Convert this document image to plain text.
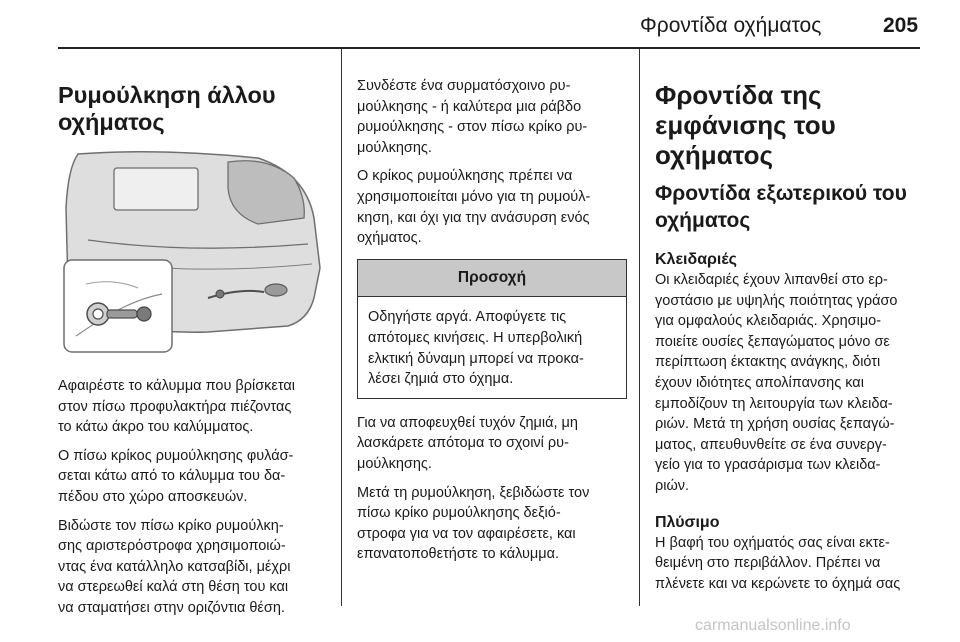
Φροντίδα οχήματος	205
Ρυμούλκηση άλλου
οχήματος

Αφαιρέστε το κάλυμμα που βρίσκεται
στον πίσω προφυλακτήρα πιέζοντας
το κάτω άκρο του καλύμματος.

Ο πίσω κρίκος ρυμούλκησης φυλάσ-
σεται κάτω από το κάλυμμα του δα-
πέδου στο χώρο αποσκευών.

Βιδώστε τον πίσω κρίκο ρυμούλκη-
σης αριστερόστροφα χρησιμοποιώ-
ντας ένα κατάλληλο κατσαβίδι, μέχρι
να στερεωθεί καλά στη θέση του και
να σταματήσει στην οριζόντια θέση.

Συνδέστε ένα συρματόσχοινο ρυ-
μούλκησης - ή καλύτερα μια ράβδο
ρυμούλκησης - στον πίσω κρίκο ρυ-
μούλκησης.

Ο κρίκος ρυμούλκησης πρέπει να
χρησιμοποιείται μόνο για τη ρυμούλ-
κηση, και όχι για την ανάσυρση ενός
οχήματος.

Προσοχή
Οδηγήστε αργά. Αποφύγετε τις
απότομες κινήσεις. Η υπερβολική
ελκτική δύναμη μπορεί να προκα-
λέσει ζημιά στο όχημα.

Για να αποφευχθεί τυχόν ζημιά, μη
λασκάρετε απότομα το σχοινί ρυ-
μούλκησης.

Μετά τη ρυμούλκηση, ξεβιδώστε τον
πίσω κρίκο ρυμούλκησης δεξιό-
στροφα για να τον αφαιρέσετε, και
επανατοποθετήστε το κάλυμμα.

Φροντίδα της
εμφάνισης του
οχήματος
Φροντίδα εξωτερικού του
οχήματος
Κλειδαριές

Οι κλειδαριές έχουν λιπανθεί στο ερ-
γοστάσιο με υψηλής ποιότητας γράσο
για ομφαλούς κλειδαριάς. Χρησιμο-
ποιείτε ουσίες ξεπαγώματος μόνο σε
περίπτωση έκτακτης ανάγκης, διότι
έχουν ιδιότητες απολίπανσης και
εμποδίζουν τη λειτουργία των κλειδα-
ριών. Μετά τη χρήση ουσίας ξεπαγώ-
ματος, απευθυνθείτε σε ένα συνεργ-
γείο για το γρασάρισμα των κλειδα-
ριών.

Πλύσιμο

Η βαφή του οχήματός σας είναι εκτε-
θειμένη στο περιβάλλον. Πρέπει να
πλένετε και να κερώνετε το όχημά σας

carmanualsonline.info
